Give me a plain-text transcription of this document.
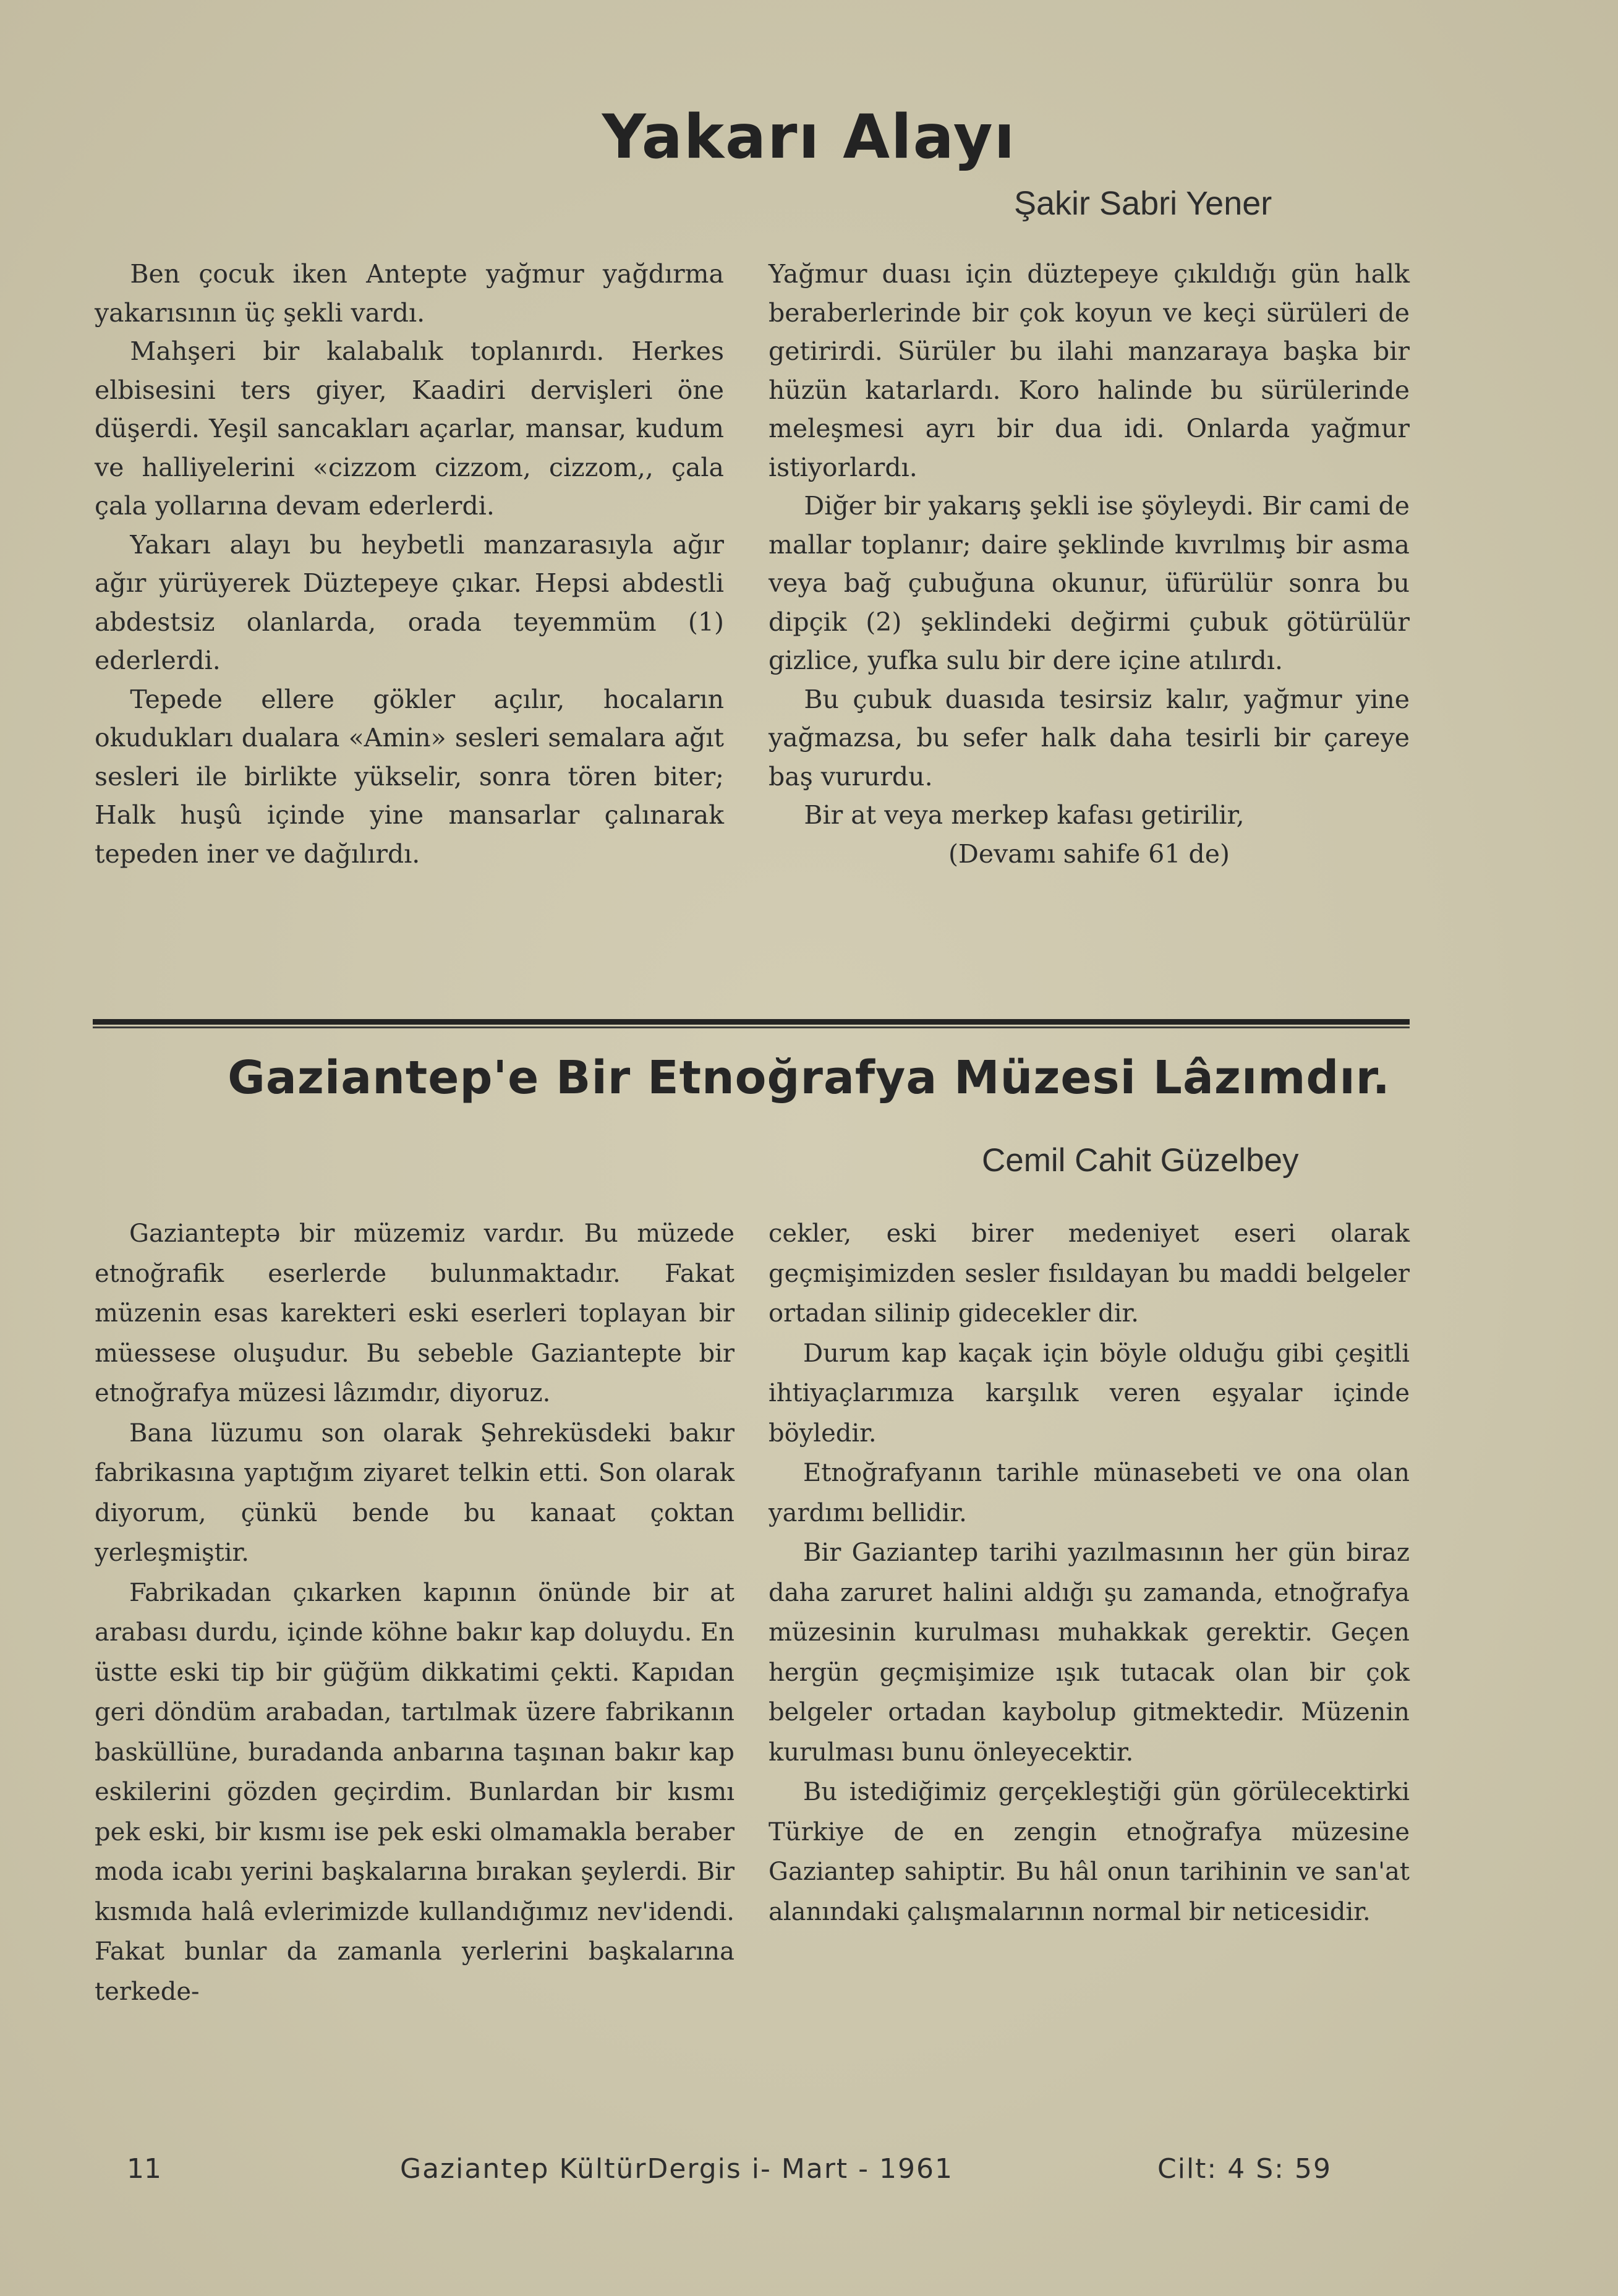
Yakarı Alayı
Şakir Sabri Yener

Ben çocuk iken Antepte yağmur yağdırma yakarısının üç şekli vardı.

Mahşeri bir kalabalık toplanırdı. Herkes elbisesini ters giyer, Kaadiri dervişleri öne düşerdi. Yeşil sancakları açarlar, mansar, kudum ve halliyelerini «cizzom cizzom, cizzom,, çala çala yollarına devam ederlerdi.

Yakarı alayı bu heybetli manzarasıyla ağır ağır yürüyerek Düztepeye çıkar. Hepsi abdestli abdestsiz olanlarda, orada teyemmüm (1) ederlerdi.

Tepede ellere gökler açılır, hocaların okudukları dualara «Amin» sesleri semalara ağıt sesleri ile birlikte yükselir, sonra tören biter; Halk huşû içinde yine mansarlar çalınarak tepeden iner ve dağılırdı.

Yağmur duası için düztepeye çıkıldığı gün halk beraberlerinde bir çok koyun ve keçi sürüleri de getirirdi. Sürüler bu ilahi manzaraya başka bir hüzün katarlardı. Koro halinde bu sürülerinde meleşmesi ayrı bir dua idi. Onlarda yağmur istiyorlardı.

Diğer bir yakarış şekli ise şöyleydi. Bir cami de mallar toplanır; daire şeklinde kıvrılmış bir asma veya bağ çubuğuna okunur, üfürülür sonra bu dipçik (2) şeklindeki değirmi çubuk götürülür gizlice, yufka sulu bir dere içine atılırdı.

Bu çubuk duasıda tesirsiz kalır, yağmur yine yağmazsa, bu sefer halk daha tesirli bir çareye baş vururdu.

Bir at veya merkep kafası getirilir,

(Devamı sahife 61 de)

Gaziantep'e Bir Etnoğrafya Müzesi Lâzımdır.
Cemil Cahit Güzelbey

Gazianteptə bir müzemiz vardır. Bu müzede etnoğrafik eserlerde bulunmaktadır. Fakat müzenin esas karekteri eski eserleri toplayan bir müessese oluşudur. Bu sebeble Gaziantepte bir etnoğrafya müzesi lâzımdır, diyoruz.

Bana lüzumu son olarak Şehreküsdeki bakır fabrikasına yaptığım ziyaret telkin etti. Son olarak diyorum, çünkü bende bu kanaat çoktan yerleşmiştir.

Fabrikadan çıkarken kapının önünde bir at arabası durdu, içinde köhne bakır kap doluydu. En üstte eski tip bir güğüm dikkatimi çekti. Kapıdan geri döndüm arabadan, tartılmak üzere fabrikanın basküllüne, buradanda anbarına taşınan bakır kap eskilerini gözden geçirdim. Bunlardan bir kısmı pek eski, bir kısmı ise pek eski olmamakla beraber moda icabı yerini başkalarına bırakan şeylerdi. Bir kısmıda halâ evlerimizde kullandığımız nev'idendi. Fakat bunlar da zamanla yerlerini başkalarına terkede-

cekler, eski birer medeniyet eseri olarak geçmişimizden sesler fısıldayan bu maddi belgeler ortadan silinip gidecekler dir.

Durum kap kaçak için böyle olduğu gibi çeşitli ihtiyaçlarımıza karşılık veren eşyalar içinde böyledir.

Etnoğrafyanın tarihle münasebeti ve ona olan yardımı bellidir.

Bir Gaziantep tarihi yazılmasının her gün biraz daha zaruret halini aldığı şu zamanda, etnoğrafya müzesinin kurulması muhakkak gerektir. Geçen hergün geçmişimize ışık tutacak olan bir çok belgeler ortadan kaybolup gitmektedir. Müzenin kurulması bunu önleyecektir.

Bu istediğimiz gerçekleştiği gün görülecektirki Türkiye de en zengin etnoğrafya müzesine Gaziantep sahiptir. Bu hâl onun tarihinin ve san'at alanındaki çalışmalarının normal bir neticesidir.

11	Gaziantep KültürDergis i- Mart - 1961	Cilt: 4 S: 59
